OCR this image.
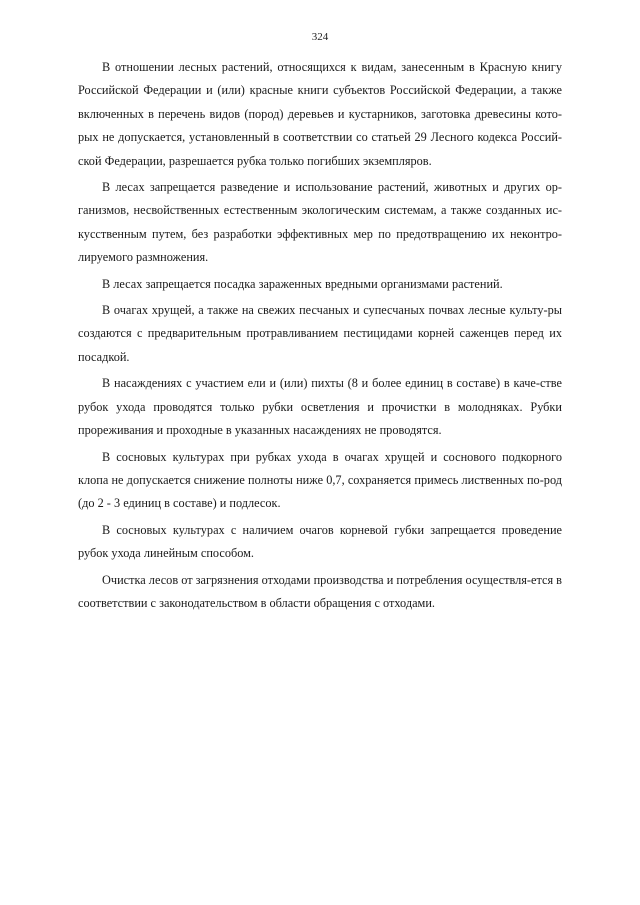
324

В отношении лесных растений, относящихся к видам, занесенным в Красную книгу Российской Федерации и (или) красные книги субъектов Российской Федерации, а также включенных в перечень видов (пород) деревьев и кустарников, заготовка древесины кото-рых не допускается, установленный в соответствии со статьей 29 Лесного кодекса Россий-ской Федерации, разрешается рубка только погибших экземпляров.

В лесах запрещается разведение и использование растений, животных и других ор-ганизмов, несвойственных естественным экологическим системам, а также созданных ис-кусственным путем, без разработки эффективных мер по предотвращению их неконтро-лируемого размножения.

В лесах запрещается посадка зараженных вредными организмами растений.

В очагах хрущей, а также на свежих песчаных и супесчаных почвах лесные культу-ры создаются с предварительным протравливанием пестицидами корней саженцев перед их посадкой.

В насаждениях с участием ели и (или) пихты (8 и более единиц в составе) в каче-стве рубок ухода проводятся только рубки осветления и прочистки в молодняках. Рубки прореживания и проходные в указанных насаждениях не проводятся.

В сосновых культурах при рубках ухода в очагах хрущей и соснового подкорного клопа не допускается снижение полноты ниже 0,7, сохраняется примесь лиственных по-род (до 2 - 3 единиц в составе) и подлесок.

В сосновых культурах с наличием очагов корневой губки запрещается проведение рубок ухода линейным способом.

Очистка лесов от загрязнения отходами производства и потребления осуществля-ется в соответствии с законодательством в области обращения с отходами.
